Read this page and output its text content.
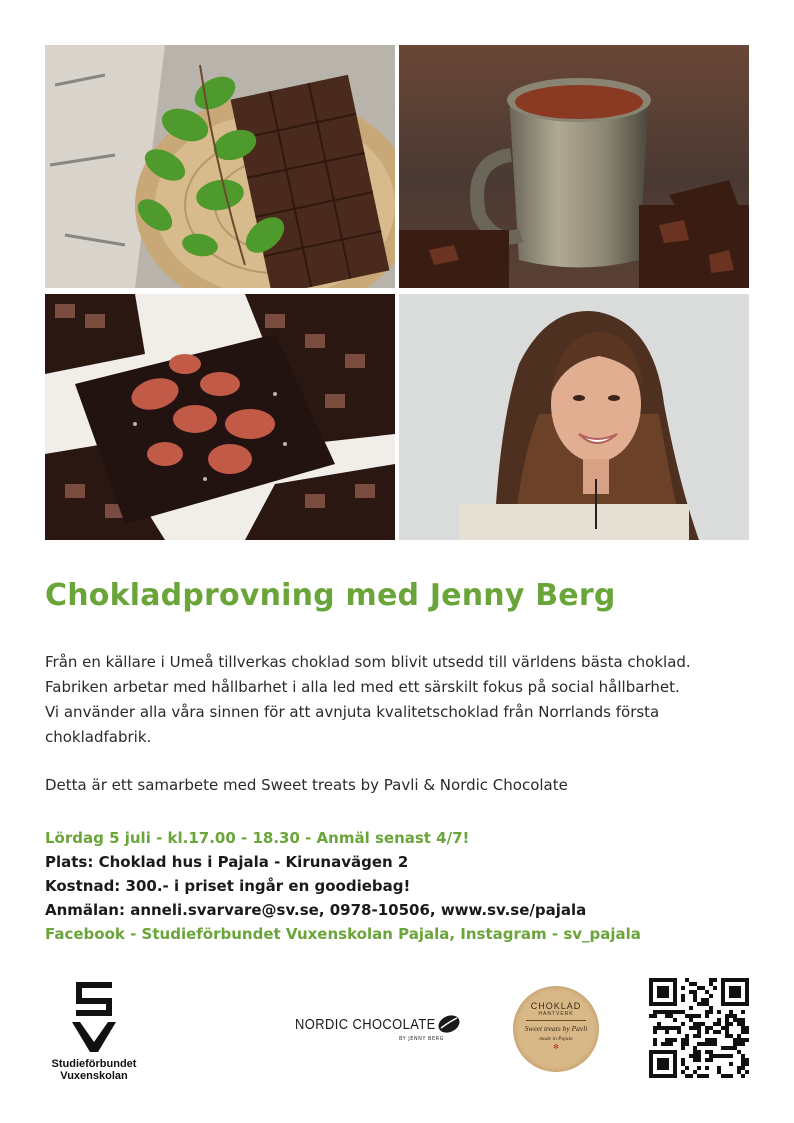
Chokladprovning med Jenny Berg

Från en källare i Umeå tillverkas choklad som blivit utsedd till världens bästa choklad.

Fabriken arbetar med hållbarhet i alla led med ett särskilt fokus på social hållbarhet.

Vi använder alla våra sinnen för att avnjuta kvalitetschoklad från Norrlands första

chokladfabrik.

Detta är ett samarbete med Sweet treats by Pavli & Nordic Chocolate

Lördag 5 juli - kl.17.00 - 18.30 - Anmäl senast 4/7!
Plats: Choklad hus i Pajala - Kirunavägen 2
Kostnad: 300.- i priset ingår en goodiebag!
Anmälan: anneli.svarvare@sv.se, 0978-10506, www.sv.se/pajala
Facebook - Studieförbundet Vuxenskolan Pajala, Instagram - sv_pajala
Studieförbundet
Vuxenskolan
NORDIC CHOCOLATE
BY JENNY BERG
CHOKLAD
HANTVERK
Sweet treats by Pavli
made in Pajala
✻
